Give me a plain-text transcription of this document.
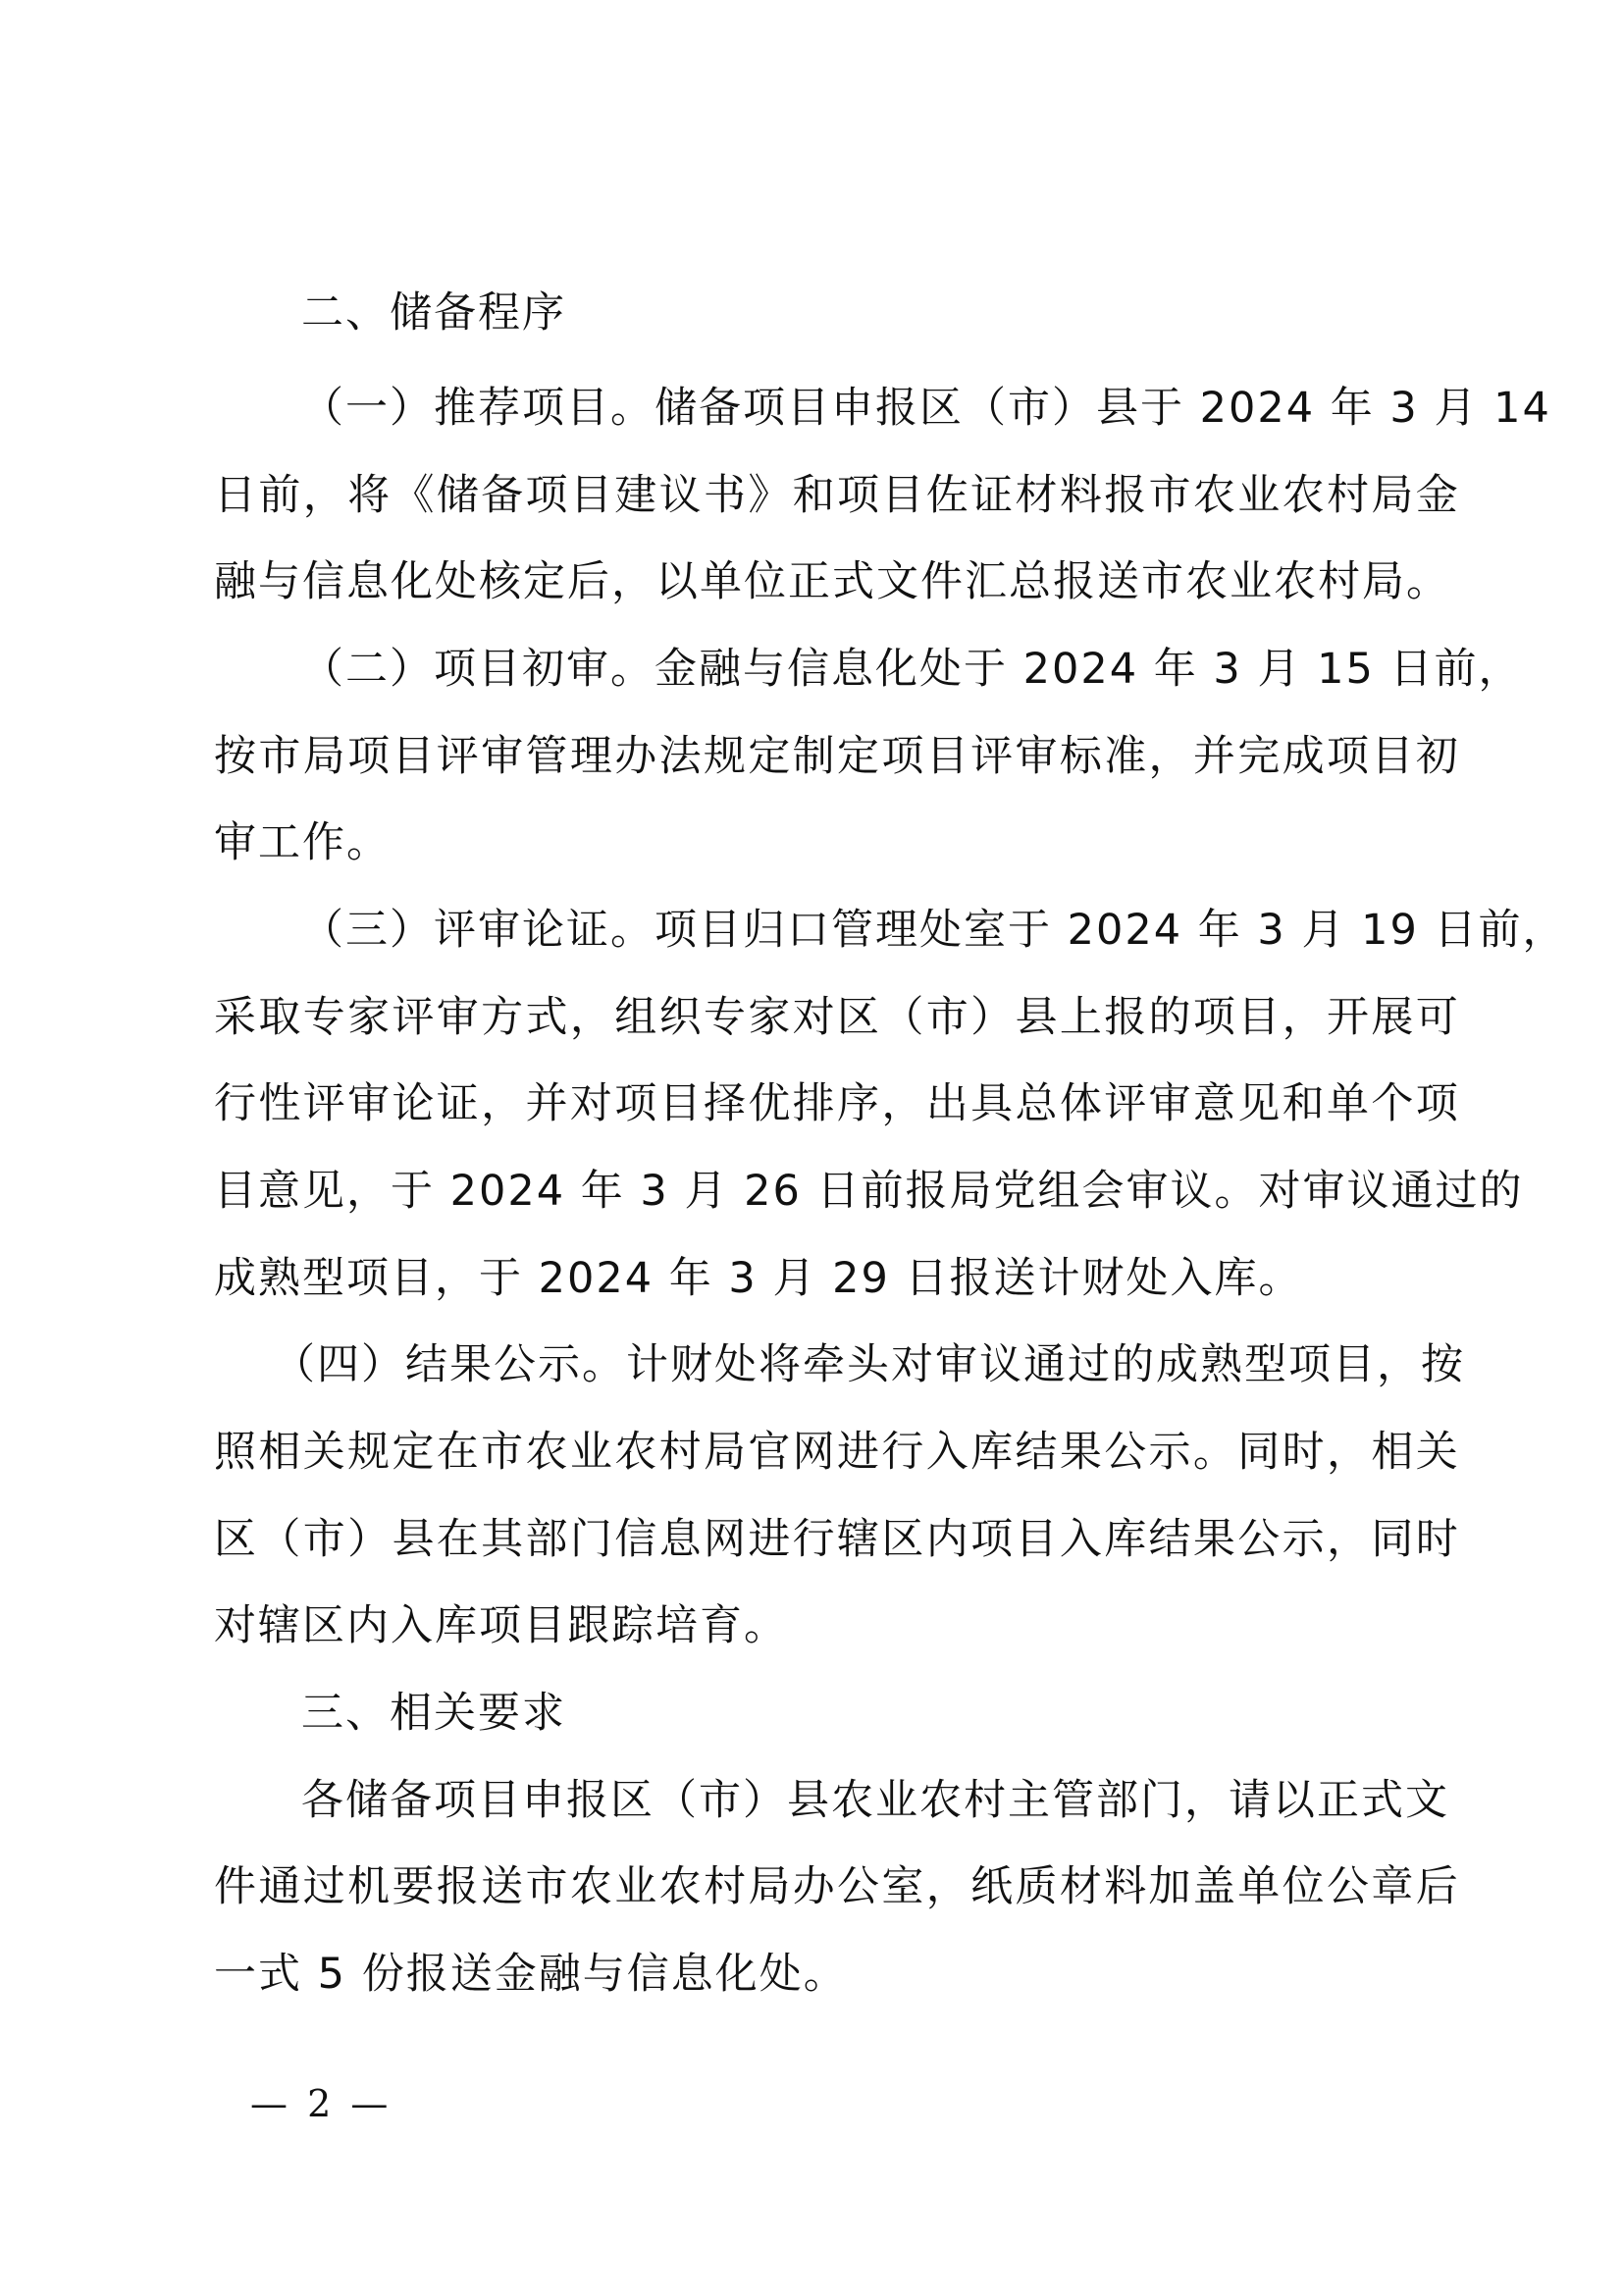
二、储备程序

（一）推荐项目。储备项目申报区（市）县于 2024 年 3 月 14

日 前 ， 将 《 储 备 项 目 建 议 书 》 和 项 目 佐 证 材 料 报 市 农 业 农 村 局 金

融与信息化处核定后，以单位正式文件汇总报送市农业农村局。

（二）项目初审。金融与信息化处于 2024 年 3 月 15 日前，

按 市 局 项 目 评 审 管 理 办 法 规 定 制 定 项 目 评 审 标 准 ， 并 完 成 项 目 初

审工作。

（三）评审论证。项目归口管理处室于 2024 年 3 月 19 日前，

采 取 专 家 评 审 方 式 ， 组 织 专 家 对 区 （ 市 ） 县 上 报 的 项 目 ， 开 展 可

行 性 评 审 论 证 ， 并 对 项 目 择 优 排 序 ， 出 具 总 体 评 审 意 见 和 单 个 项

目意见，于 2024 年 3 月 26 日前报局党组会审议。对审议通过的

成熟型项目，于 2024 年 3 月 29 日报送计财处入库。

（四）结果公示。计财处将牵头对审议通过的成熟型项目，按

照 相 关 规 定 在 市 农 业 农 村 局 官 网 进 行 入 库 结 果 公 示 。 同 时 ， 相 关

区 （ 市 ） 县 在 其 部 门 信 息 网 进 行 辖 区 内 项 目 入 库 结 果 公 示 ， 同 时

对辖区内入库项目跟踪培育。

三、相关要求

各储备项目申报区（市）县农业农村主管部门，请以正式文

件 通 过 机 要 报 送 市 农 业 农 村 局 办 公 室 ， 纸 质 材 料 加 盖 单 位 公 章 后

一式 5 份报送金融与信息化处。

— 2 —
